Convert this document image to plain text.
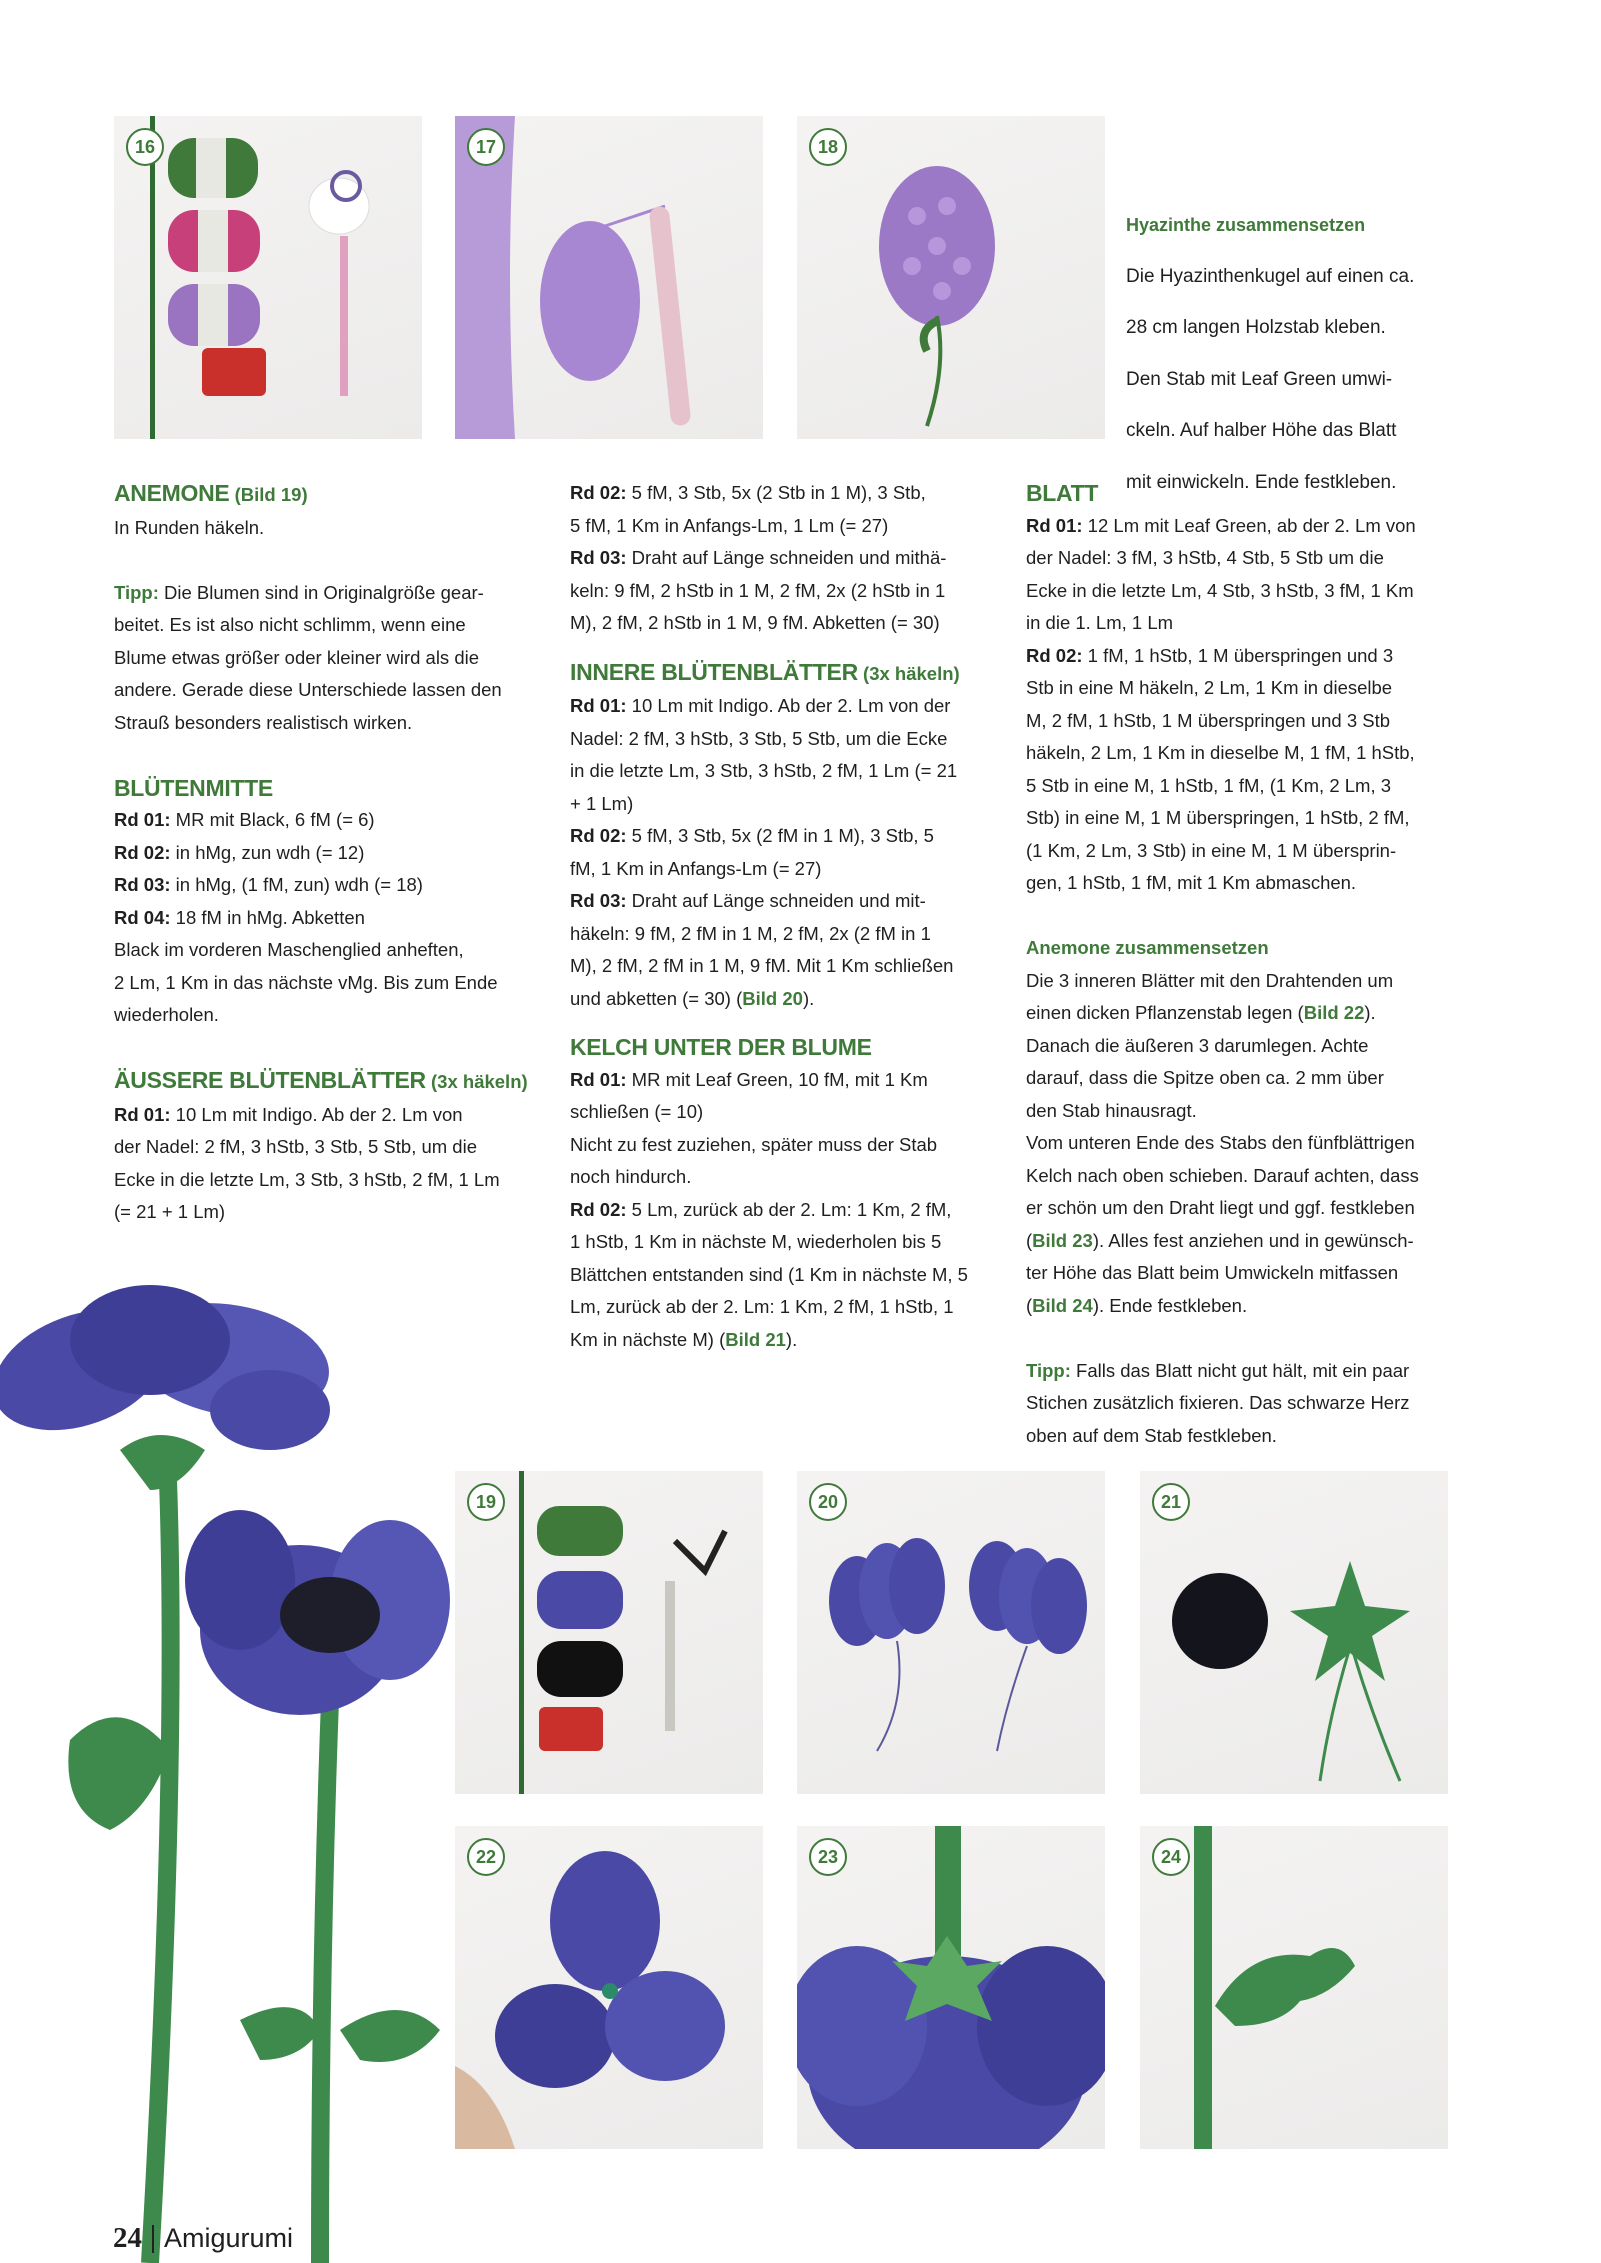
16	17	18

Hyazinthe zusammensetzen

Die Hyazinthenkugel auf einen ca.

28 cm langen Holzstab kleben.

Den Stab mit Leaf Green umwi-

ckeln. Auf halber Höhe das Blatt

mit einwickeln. Ende festkleben.

ANEMONE (Bild 19)

In Runden häkeln.

Tipp: Die Blumen sind in Originalgröße gear-

beitet. Es ist also nicht schlimm, wenn eine

Blume etwas größer oder kleiner wird als die

andere. Gerade diese Unterschiede lassen den

Strauß besonders realistisch wirken.

BLÜTENMITTE

Rd 01: MR mit Black, 6 fM (= 6)

Rd 02: in hMg, zun wdh (= 12)

Rd 03: in hMg, (1 fM, zun) wdh (= 18)

Rd 04: 18 fM in hMg. Abketten

Black im vorderen Maschenglied anheften,

2 Lm, 1 Km in das nächste vMg. Bis zum Ende

wiederholen.

ÄUSSERE BLÜTENBLÄTTER (3x häkeln)

Rd 01: 10 Lm mit Indigo. Ab der 2. Lm von

der Nadel: 2 fM, 3 hStb, 3 Stb, 5 Stb, um die

Ecke in die letzte Lm, 3 Stb, 3 hStb, 2 fM, 1 Lm

(= 21 + 1 Lm)

Rd 02: 5 fM, 3 Stb, 5x (2 Stb in 1 M), 3 Stb,

5 fM, 1 Km in Anfangs-Lm, 1 Lm (= 27)

Rd 03: Draht auf Länge schneiden und mithä-

keln: 9 fM, 2 hStb in 1 M, 2 fM, 2x (2 hStb in 1

M), 2 fM, 2 hStb in 1 M, 9 fM. Abketten (= 30)

INNERE BLÜTENBLÄTTER (3x häkeln)

Rd 01: 10 Lm mit Indigo. Ab der 2. Lm von der

Nadel: 2 fM, 3 hStb, 3 Stb, 5 Stb, um die Ecke

in die letzte Lm, 3 Stb, 3 hStb, 2 fM, 1 Lm (= 21

+ 1 Lm)

Rd 02: 5 fM, 3 Stb, 5x (2 fM in 1 M), 3 Stb, 5

fM, 1 Km in Anfangs-Lm (= 27)

Rd 03: Draht auf Länge schneiden und mit-

häkeln: 9 fM, 2 fM in 1 M, 2 fM, 2x (2 fM in 1

M), 2 fM, 2 fM in 1 M, 9 fM. Mit 1 Km schließen

und abketten (= 30) (Bild 20).

KELCH UNTER DER BLUME

Rd 01: MR mit Leaf Green, 10 fM, mit 1 Km

schließen (= 10)

Nicht zu fest zuziehen, später muss der Stab

noch hindurch.

Rd 02: 5 Lm, zurück ab der 2. Lm: 1 Km, 2 fM,

1 hStb, 1 Km in nächste M, wiederholen bis 5

Blättchen entstanden sind (1 Km in nächste M, 5

Lm, zurück ab der 2. Lm: 1 Km, 2 fM, 1 hStb, 1

Km in nächste M) (Bild 21).

BLATT

Rd 01: 12 Lm mit Leaf Green, ab der 2. Lm von

der Nadel: 3 fM, 3 hStb, 4 Stb, 5 Stb um die

Ecke in die letzte Lm, 4 Stb, 3 hStb, 3 fM, 1 Km

in die 1. Lm, 1 Lm

Rd 02: 1 fM, 1 hStb, 1 M überspringen und 3

Stb in eine M häkeln, 2 Lm, 1 Km in dieselbe

M, 2 fM, 1 hStb, 1 M überspringen und 3 Stb

häkeln, 2 Lm, 1 Km in dieselbe M, 1 fM, 1 hStb,

5 Stb in eine M, 1 hStb, 1 fM, (1 Km, 2 Lm, 3

Stb) in eine M, 1 M überspringen, 1 hStb, 2 fM,

(1 Km, 2 Lm, 3 Stb) in eine M, 1 M übersprin-

gen, 1 hStb, 1 fM, mit 1 Km abmaschen.

Anemone zusammensetzen

Die 3 inneren Blätter mit den Drahtenden um

einen dicken Pflanzenstab legen (Bild 22).

Danach die äußeren 3 darumlegen. Achte

darauf, dass die Spitze oben ca. 2 mm über

den Stab hinausragt.

Vom unteren Ende des Stabs den fünfblättrigen

Kelch nach oben schieben. Darauf achten, dass

er schön um den Draht liegt und ggf. festkleben

(Bild 23). Alles fest anziehen und in gewünsch-

ter Höhe das Blatt beim Umwickeln mitfassen

(Bild 24). Ende festkleben.

Tipp: Falls das Blatt nicht gut hält, mit ein paar

Stichen zusätzlich fixieren. Das schwarze Herz

oben auf dem Stab festkleben.

19	20	21
22	23	24
24 Amigurumi
